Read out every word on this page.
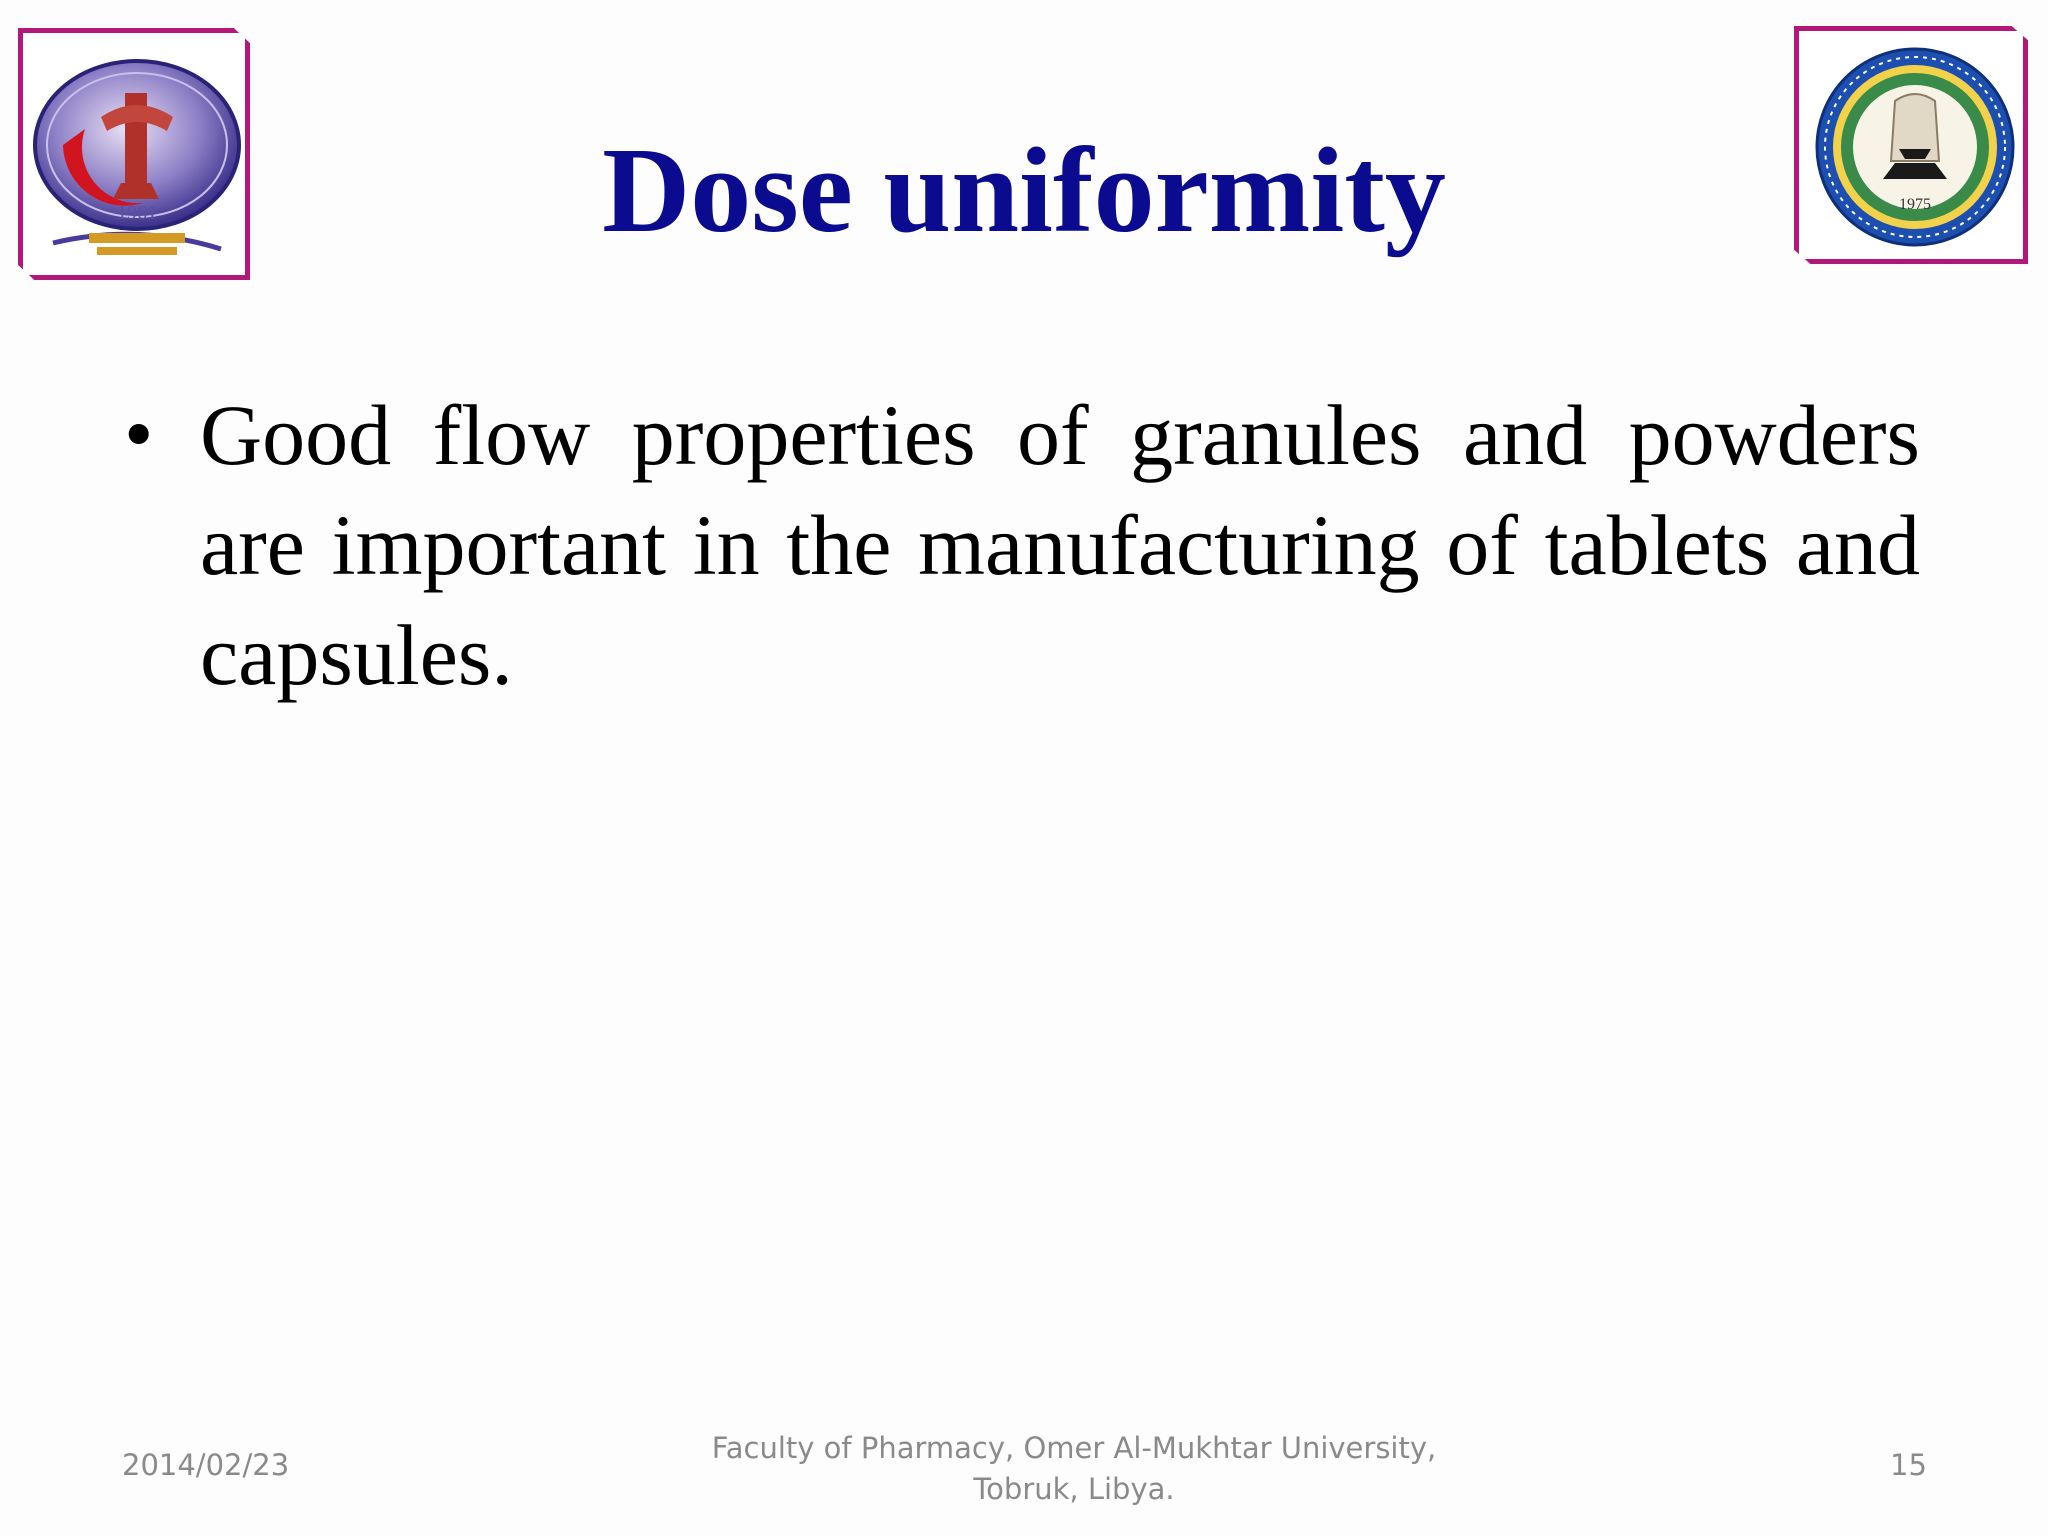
1961	1975
Dose uniformity
• Good flow properties of granules and powders are important in the manufacturing of tablets and capsules.

2014/02/23	Faculty of Pharmacy, Omer Al-Mukhtar University,
Tobruk, Libya.
15
